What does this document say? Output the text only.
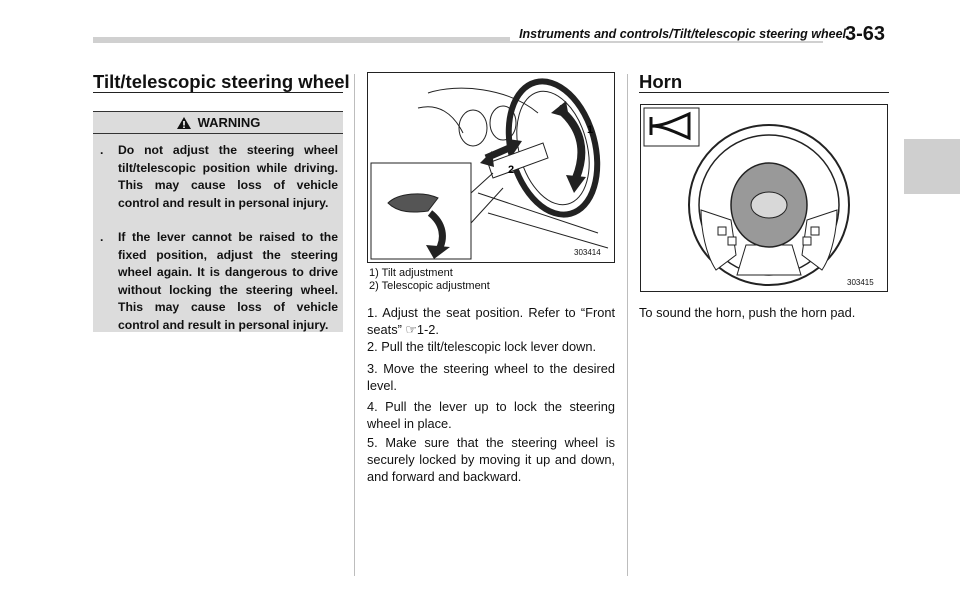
Instruments and controls/Tilt/telescopic steering wheel 3-63
Tilt/telescopic steering wheel
WARNING
.	Do not adjust the steering wheel tilt/telescopic position while driving. This may cause loss of vehicle control and result in personal injury.
.	If the lever cannot be raised to the fixed position, adjust the steering wheel again. It is dangerous to drive without locking the steering wheel. This may cause loss of vehicle control and result in personal injury.
1
2
303414
1) Tilt adjustment
2) Telescopic adjustment
1. Adjust the seat position. Refer to “Front seats” ☞1-2.
2. Pull the tilt/telescopic lock lever down.
3. Move the steering wheel to the desired level.
4. Pull the lever up to lock the steering wheel in place.
5. Make sure that the steering wheel is securely locked by moving it up and down, and forward and backward.
Horn
303415
To sound the horn, push the horn pad.
